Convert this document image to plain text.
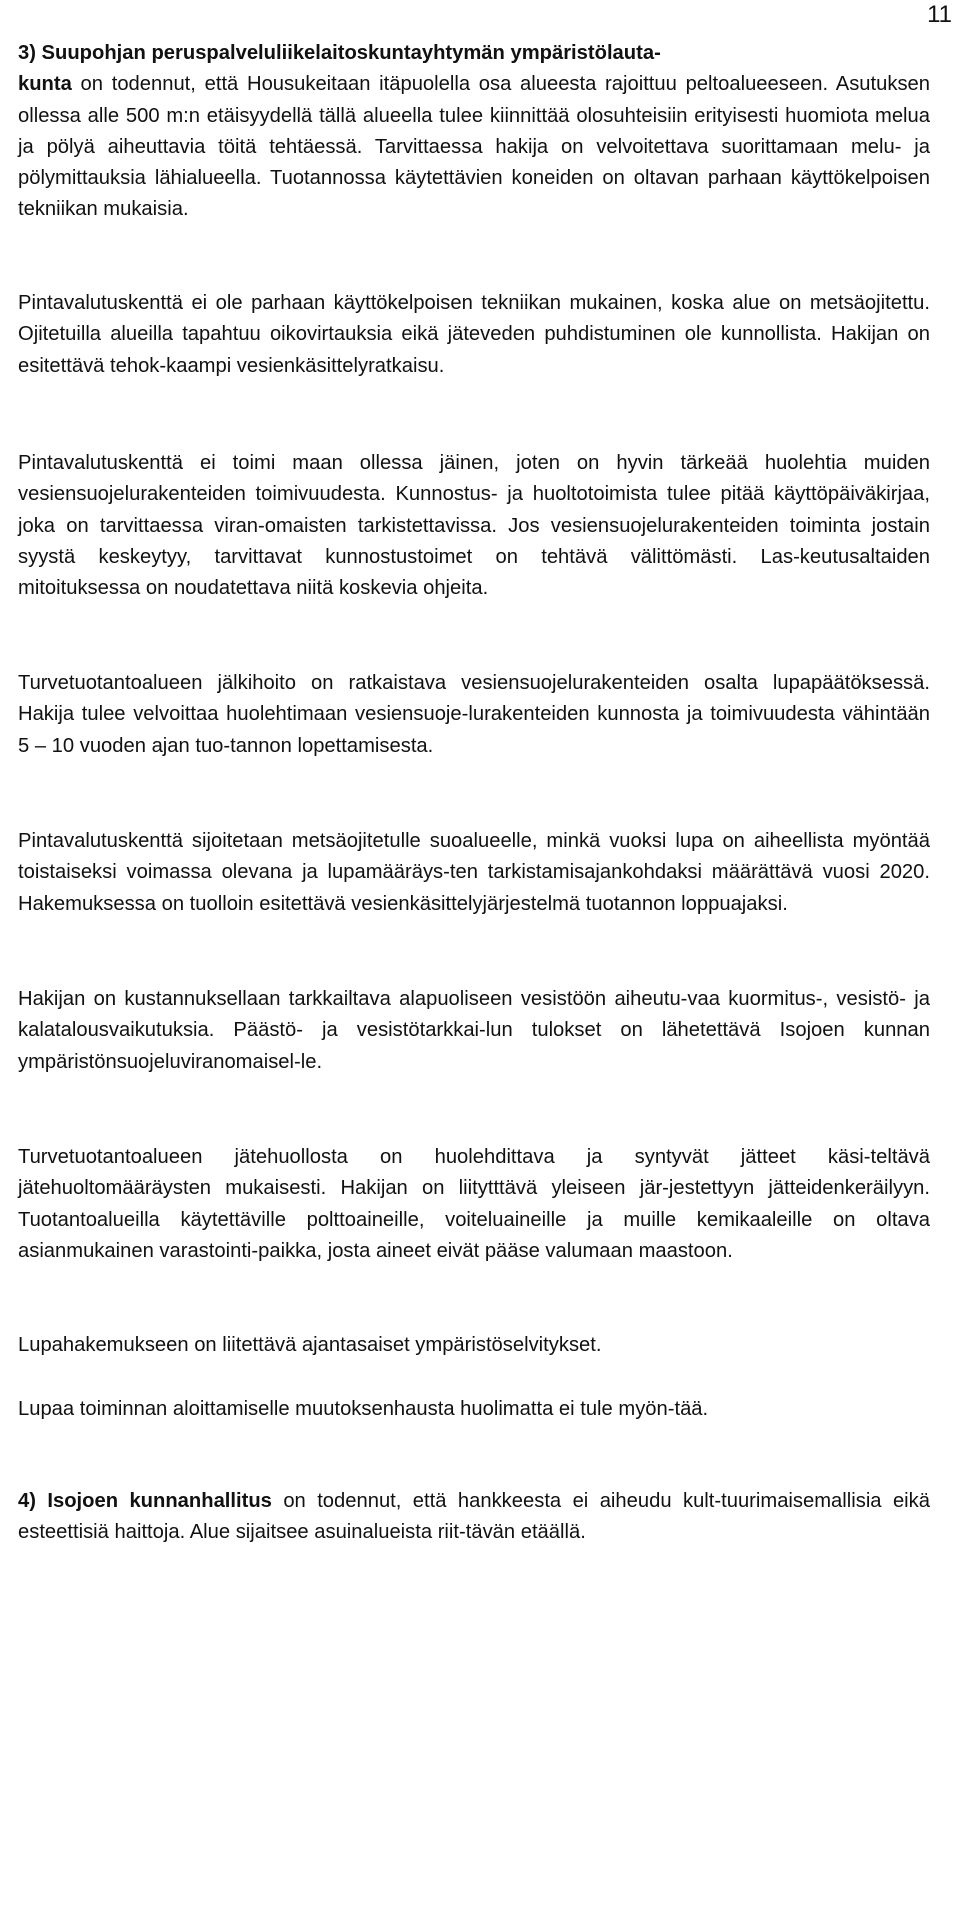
11

3) Suupohjan peruspalveluliikelaitoskuntayhtymän ympäristölauta-
kunta on todennut, että Housukeitaan itäpuolella osa alueesta rajoittuu peltoalueeseen. Asutuksen ollessa alle 500 m:n etäisyydellä tällä alueella tulee kiinnittää olosuhteisiin erityisesti huomiota melua ja pölyä aiheuttavia töitä tehtäessä. Tarvittaessa hakija on velvoitettava suorittamaan melu- ja pölymittauksia lähialueella. Tuotannossa käytettävien koneiden on oltavan parhaan käyttökelpoisen tekniikan mukaisia.

Pintavalutuskenttä ei ole parhaan käyttökelpoisen tekniikan mukainen, koska alue on metsäojitettu. Ojitetuilla alueilla tapahtuu oikovirtauksia eikä jäteveden puhdistuminen ole kunnollista. Hakijan on esitettävä tehok-kaampi vesienkäsittelyratkaisu.

Pintavalutuskenttä ei toimi maan ollessa jäinen, joten on hyvin tärkeää huolehtia muiden vesiensuojelurakenteiden toimivuudesta. Kunnostus- ja huoltotoimista tulee pitää käyttöpäiväkirjaa, joka on tarvittaessa viran-omaisten tarkistettavissa. Jos vesiensuojelurakenteiden toiminta jostain syystä keskeytyy, tarvittavat kunnostustoimet on tehtävä välittömästi. Las-keutusaltaiden mitoituksessa on noudatettava niitä koskevia ohjeita.

Turvetuotantoalueen jälkihoito on ratkaistava vesiensuojelurakenteiden osalta lupapäätöksessä. Hakija tulee velvoittaa huolehtimaan vesiensuoje-lurakenteiden kunnosta ja toimivuudesta vähintään 5 – 10 vuoden ajan tuo-tannon lopettamisesta.

Pintavalutuskenttä sijoitetaan metsäojitetulle suoalueelle, minkä vuoksi lupa on aiheellista myöntää toistaiseksi voimassa olevana ja lupamääräys-ten tarkistamisajankohdaksi määrättävä vuosi 2020. Hakemuksessa on tuolloin esitettävä vesienkäsittelyjärjestelmä tuotannon loppuajaksi.

Hakijan on kustannuksellaan tarkkailtava alapuoliseen vesistöön aiheutu-vaa kuormitus-, vesistö- ja kalatalousvaikutuksia. Päästö- ja vesistötarkkai-lun tulokset on lähetettävä Isojoen kunnan ympäristönsuojeluviranomaisel-le.

Turvetuotantoalueen jätehuollosta on huolehdittava ja syntyvät jätteet käsi-teltävä jätehuoltomääräysten mukaisesti. Hakijan on liitytttävä yleiseen jär-jestettyyn jätteidenkeräilyyn. Tuotantoalueilla käytettäville polttoaineille, voiteluaineille ja muille kemikaaleille on oltava asianmukainen varastointi-paikka, josta aineet eivät pääse valumaan maastoon.

Lupahakemukseen on liitettävä ajantasaiset ympäristöselvitykset.

Lupaa toiminnan aloittamiselle muutoksenhausta huolimatta ei tule myön-tää.

4) Isojoen kunnanhallitus on todennut, että hankkeesta ei aiheudu kult-tuurimaisemallisia eikä esteettisiä haittoja. Alue sijaitsee asuinalueista riit-tävän etäällä.
